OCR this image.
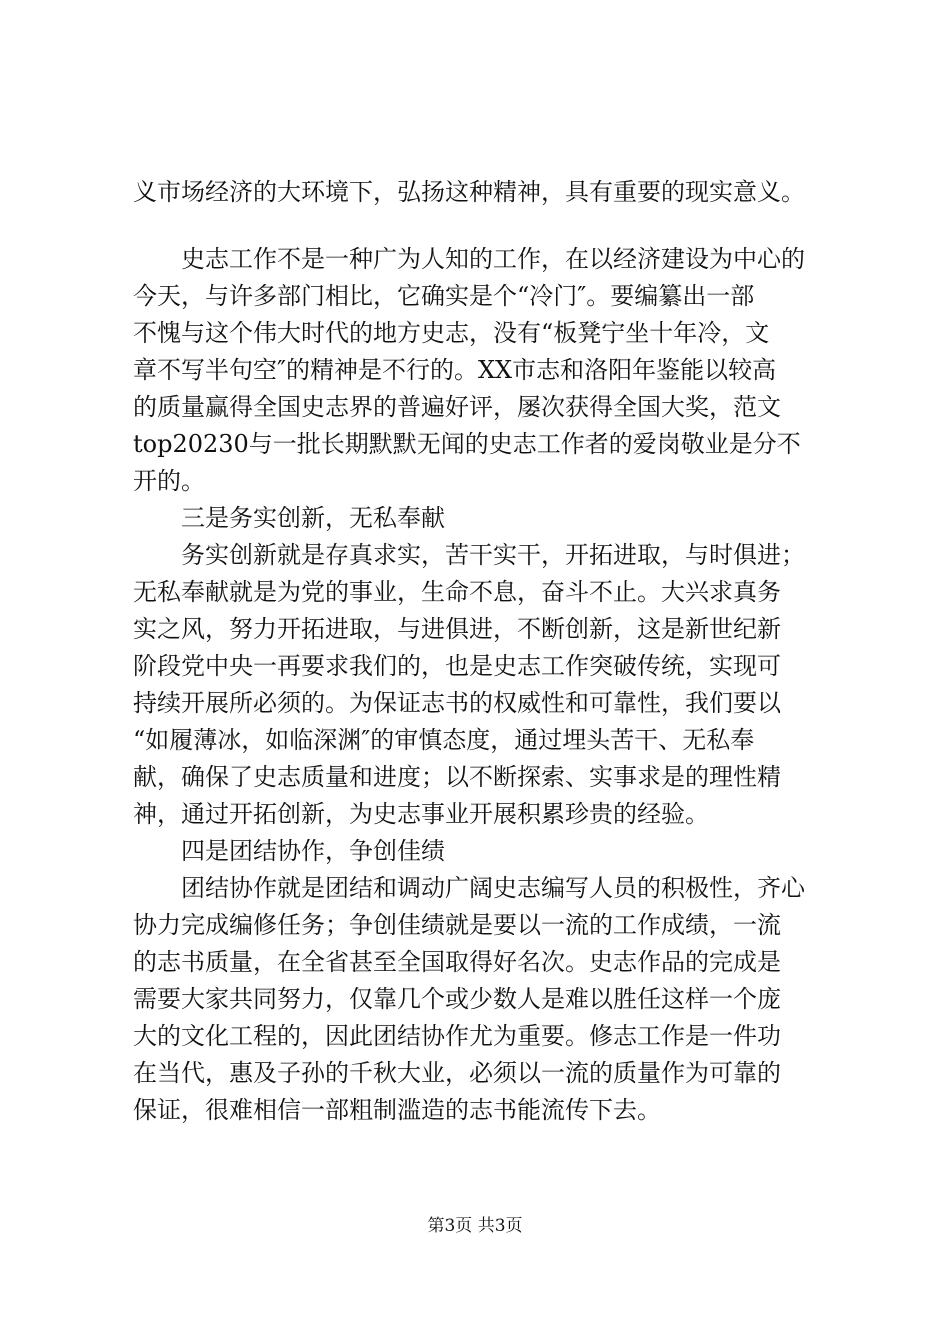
义市场经济的大环境下，弘扬这种精神，具有重要的现实意义。
　　史志工作不是一种广为人知的工作，在以经济建设为中心的
今天，与许多部门相比，它确实是个“冷门″。要编纂出一部
不愧与这个伟大时代的地方史志，没有“板凳宁坐十年冷，文
章不写半句空″的精神是不行的。XX市志和洛阳年鉴能以较高
的质量赢得全国史志界的普遍好评，屡次获得全国大奖，范文
top20230与一批长期默默无闻的史志工作者的爱岗敬业是分不
开的。
　　三是务实创新，无私奉献
　　务实创新就是存真求实，苦干实干，开拓进取，与时俱进；
无私奉献就是为党的事业，生命不息，奋斗不止。大兴求真务
实之风，努力开拓进取，与进俱进，不断创新，这是新世纪新
阶段党中央一再要求我们的，也是史志工作突破传统，实现可
持续开展所必须的。为保证志书的权威性和可靠性，我们要以
“如履薄冰，如临深渊″的审慎态度，通过埋头苦干、无私奉
献，确保了史志质量和进度；以不断探索、实事求是的理性精
神，通过开拓创新，为史志事业开展积累珍贵的经验。
　　四是团结协作，争创佳绩
　　团结协作就是团结和调动广阔史志编写人员的积极性，齐心
协力完成编修任务；争创佳绩就是要以一流的工作成绩，一流
的志书质量，在全省甚至全国取得好名次。史志作品的完成是
需要大家共同努力，仅靠几个或少数人是难以胜任这样一个庞
大的文化工程的，因此团结协作尤为重要。修志工作是一件功
在当代，惠及子孙的千秋大业，必须以一流的质量作为可靠的
保证，很难相信一部粗制滥造的志书能流传下去。
第3页 共3页
